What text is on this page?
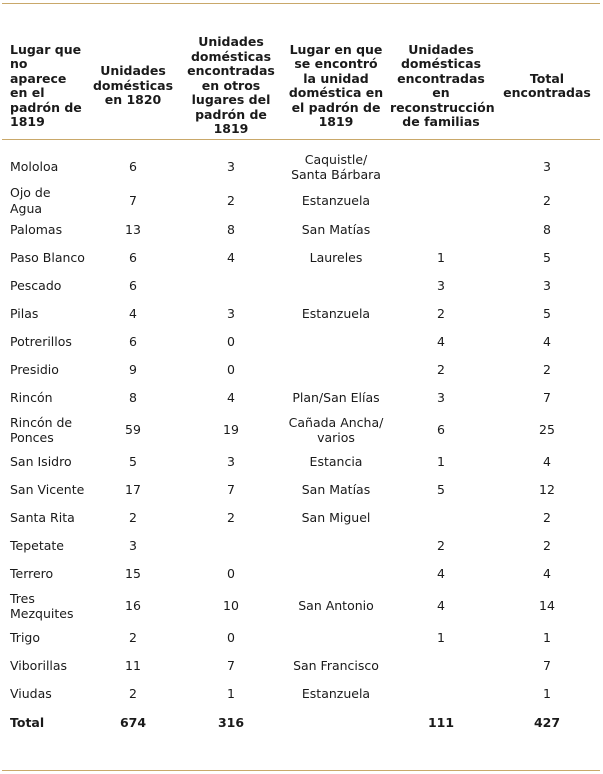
Lugar que no aparece en el padrón de 1819	Unidades domésticas en 1820	Unidades domésticas encontradas en otros lugares del padrón de 1819	Lugar en que se encontró la unidad doméstica en el padrón de 1819	Unidades domésticas encontradas en reconstrucción de familias	Total encontradas

Mololoa	6	3	Caquistle/ Santa Bárbara		3
Ojo de Agua	7	2	Estanzuela		2
Palomas	13	8	San Matías		8
Paso Blanco	6	4	Laureles	1	5
Pescado	6			3	3
Pilas	4	3	Estanzuela	2	5
Potrerillos	6	0		4	4
Presidio	9	0		2	2
Rincón	8	4	Plan/San Elías	3	7
Rincón de Ponces	59	19	Cañada Ancha/ varios	6	25
San Isidro	5	3	Estancia	1	4
San Vicente	17	7	San Matías	5	12
Santa Rita	2	2	San Miguel		2
Tepetate	3			2	2
Terrero	15	0		4	4
Tres Mezquites	16	10	San Antonio	4	14
Trigo	2	0		1	1
Viborillas	11	7	San Francisco		7
Viudas	2	1	Estanzuela		1
Total	674	316		111	427
